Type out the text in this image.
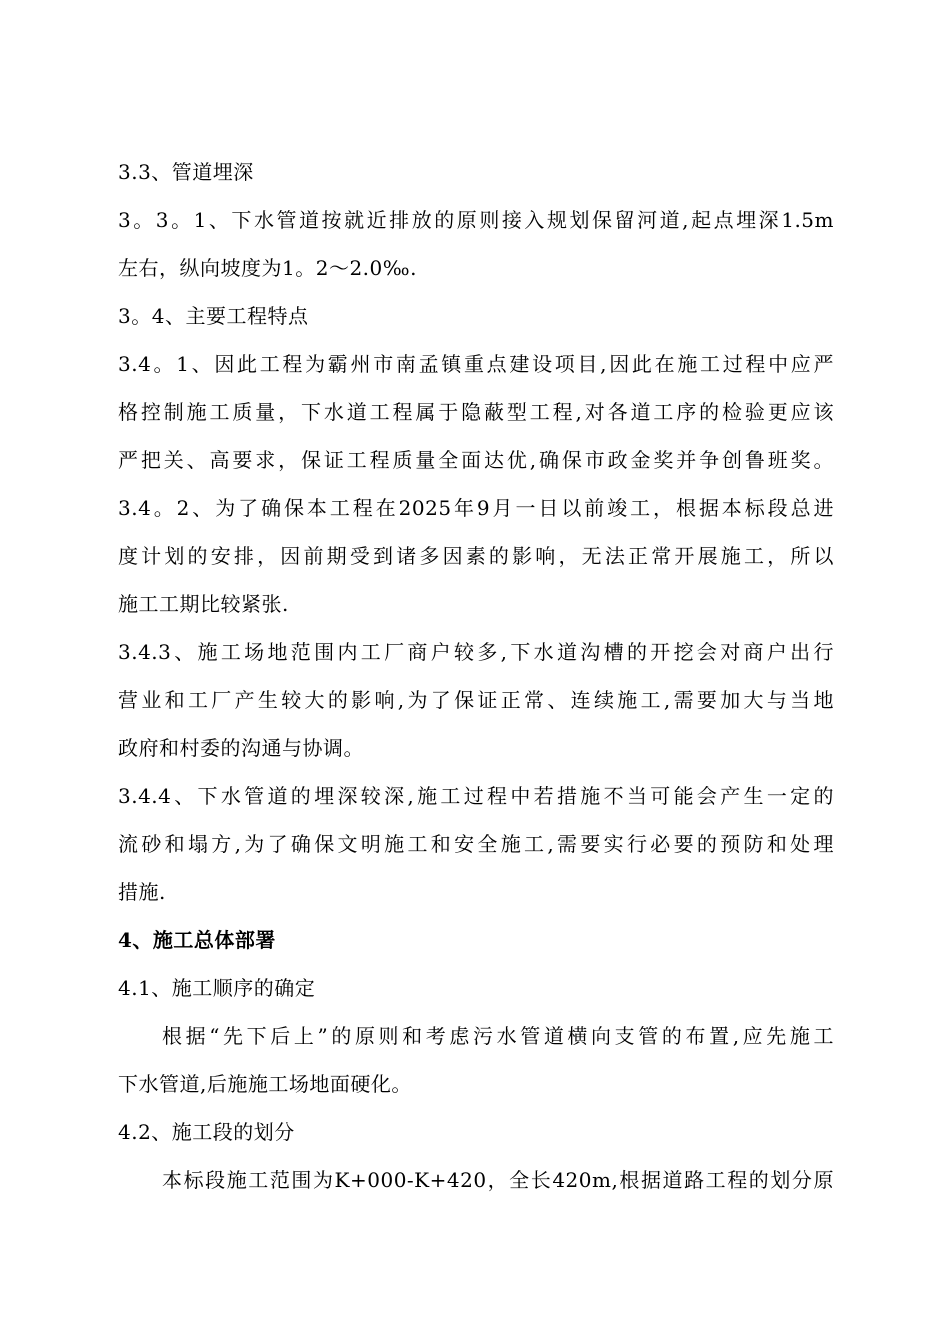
3.3、管道埋深
3。3。1、下水管道按就近排放的原则接入规划保留河道,起点埋深1.5m
左右，纵向坡度为1。2～2.0‰.
3。4、主要工程特点
3.4。1、因此工程为霸州市南孟镇重点建设项目,因此在施工过程中应严
格控制施工质量，下水道工程属于隐蔽型工程,对各道工序的检验更应该
严把关、高要求，保证工程质量全面达优,确保市政金奖并争创鲁班奖。
3.4。2、为了确保本工程在2025年9月一日以前竣工，根据本标段总进
度计划的安排，因前期受到诸多因素的影响，无法正常开展施工，所以
施工工期比较紧张.
3.4.3、施工场地范围内工厂商户较多,下水道沟槽的开挖会对商户出行
营业和工厂产生较大的影响,为了保证正常、连续施工,需要加大与当地
政府和村委的沟通与协调。
3.4.4、下水管道的埋深较深,施工过程中若措施不当可能会产生一定的
流砂和塌方,为了确保文明施工和安全施工,需要实行必要的预防和处理
措施.
4、施工总体部署
4.1、施工顺序的确定
根据“先下后上”的原则和考虑污水管道横向支管的布置,应先施工
下水管道,后施施工场地面硬化。
4.2、施工段的划分
本标段施工范围为K+000-K+420，全长420m,根据道路工程的划分原
